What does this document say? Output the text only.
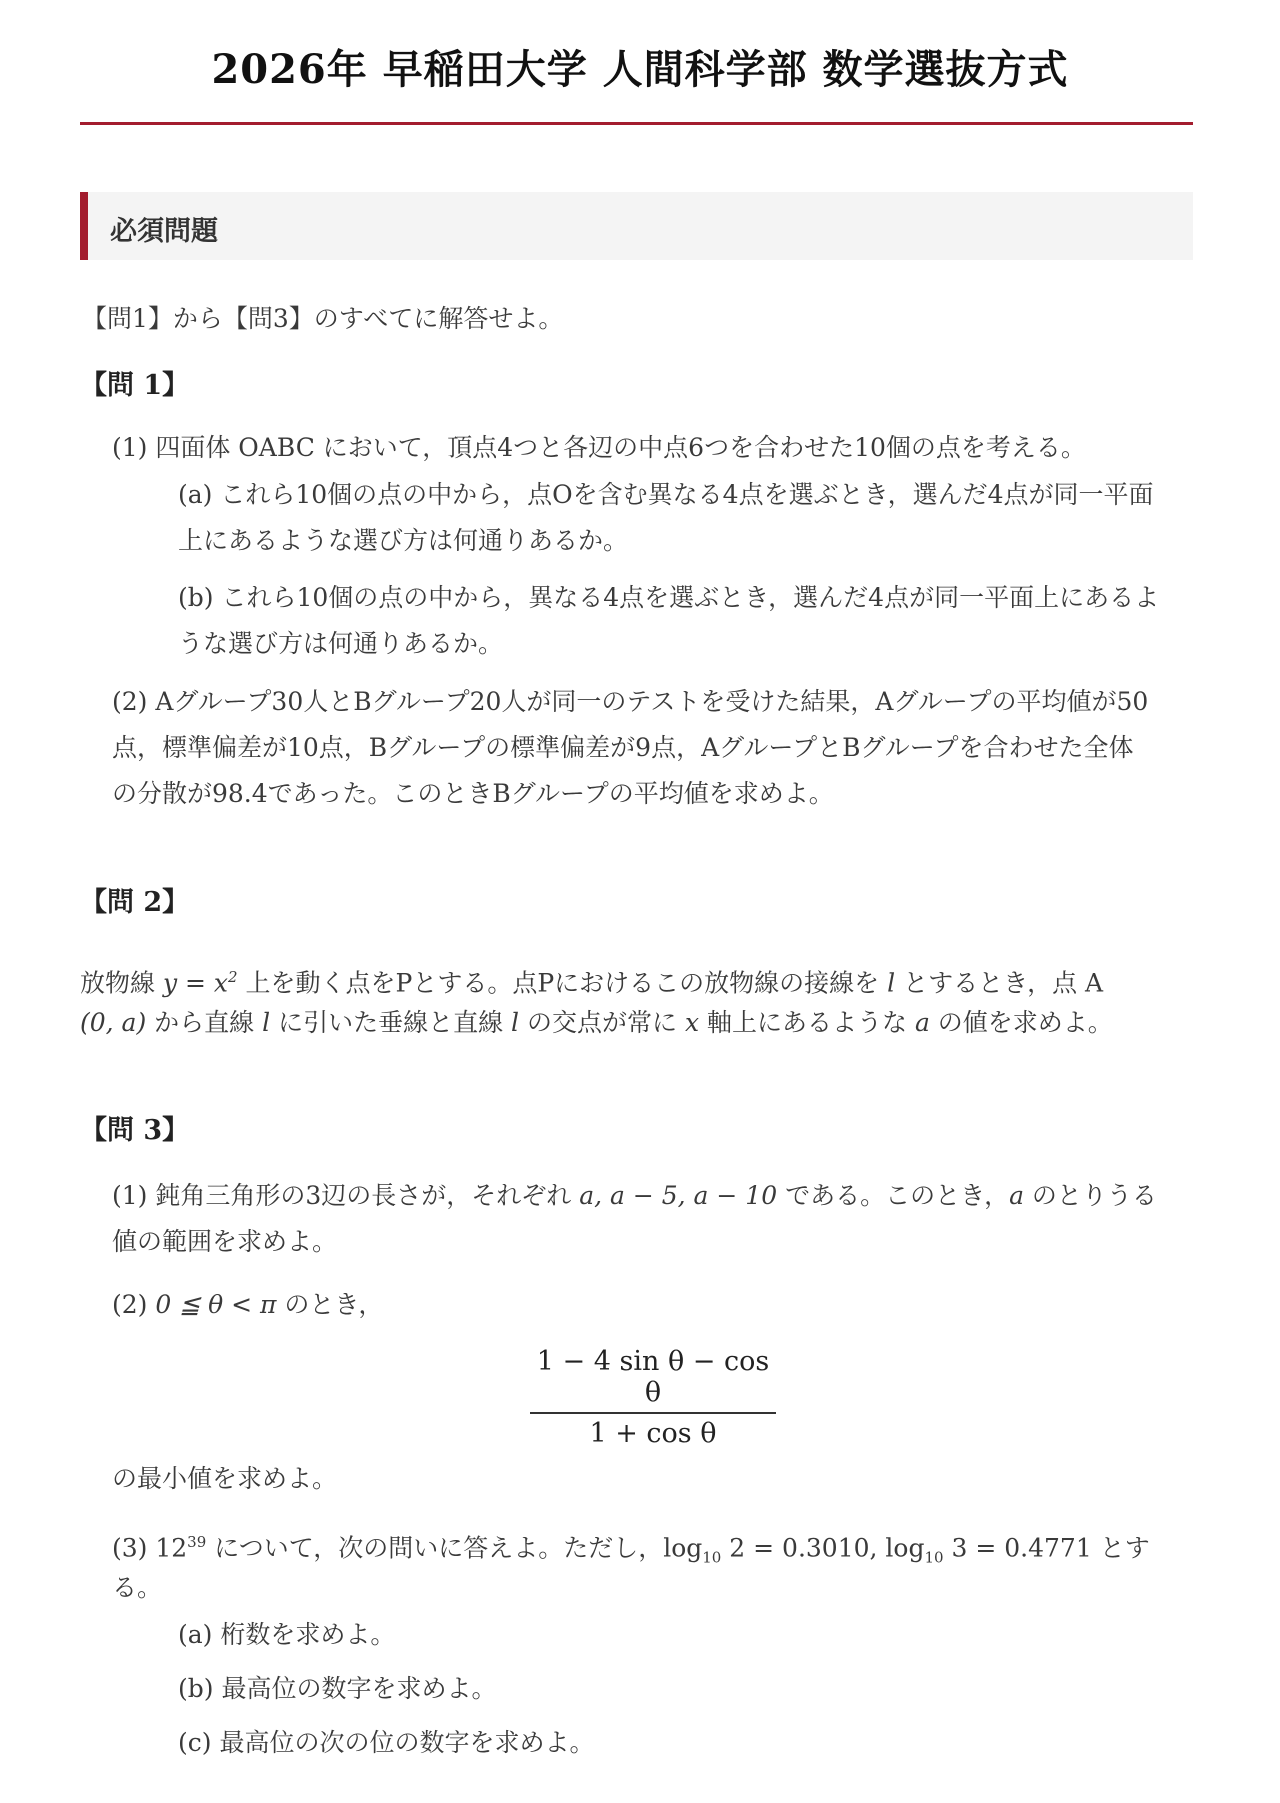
2026年 早稲田大学 人間科学部 数学選抜方式
必須問題
【問1】から【問3】のすべてに解答せよ。
【問 1】
(1) 四面体 OABC において，頂点4つと各辺の中点6つを合わせた10個の点を考える。
(a) これら10個の点の中から，点Oを含む異なる4点を選ぶとき，選んだ4点が同一平面
上にあるような選び方は何通りあるか。
(b) これら10個の点の中から，異なる4点を選ぶとき，選んだ4点が同一平面上にあるよ
うな選び方は何通りあるか。
(2) Aグループ30人とBグループ20人が同一のテストを受けた結果，Aグループの平均値が50
点，標準偏差が10点，Bグループの標準偏差が9点，AグループとBグループを合わせた全体
の分散が98.4であった。このときBグループの平均値を求めよ。
【問 2】
放物線 $y = x^2$ 上を動く点をPとする。点Pにおけるこの放物線の接線を l とするとき，点 A
(0, a) から直線 l に引いた垂線と直線 l の交点が常に x 軸上にあるような a の値を求めよ。
【問 3】
(1) 鈍角三角形の3辺の長さが，それぞれ a, a − 5, a − 10 である。このとき，a のとりうる
値の範囲を求めよ。
(2) 0 ≦ θ < π のとき，
1 − 4 sin θ − cos θ
1 + cos θ
の最小値を求めよ。
(3) $12^{39}$ について，次の問いに答えよ。ただし，$\log_{10} 2 = 0.3010$, $\log_{10} 3 = 0.4771$ とす
る。
(a) 桁数を求めよ。
(b) 最高位の数字を求めよ。
(c) 最高位の次の位の数字を求めよ。
